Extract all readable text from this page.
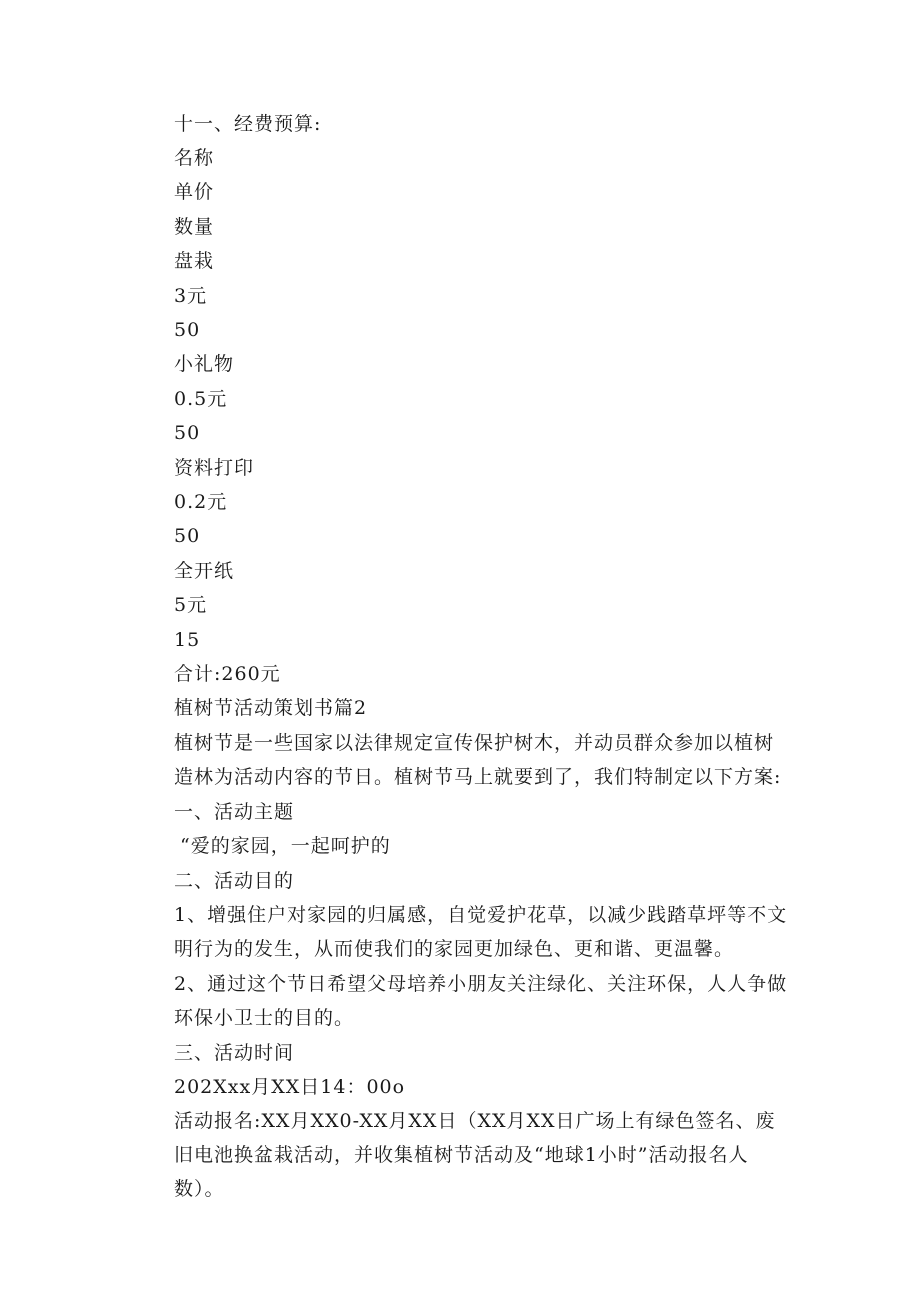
十一、经费预算:
名称
单价
数量
盘栽
3元
50
小礼物
0.5元
50
资料打印
0.2元
50
全开纸
5元
15
合计:260元
植树节活动策划书篇2
植树节是一些国家以法律规定宣传保护树木，并动员群众参加以植树造林为活动内容的节日。植树节马上就要到了，我们特制定以下方案:
一、活动主题
“爱的家园，一起呵护的
二、活动目的
1、增强住户对家园的归属感，自觉爱护花草，以减少践踏草坪等不文明行为的发生，从而使我们的家园更加绿色、更和谐、更温馨。
2、通过这个节日希望父母培养小朋友关注绿化、关注环保，人人争做环保小卫士的目的。
三、活动时间
202Xxx月XX日14：00o
活动报名:XX月XX0-XX月XX日（XX月XX日广场上有绿色签名、废旧电池换盆栽活动，并收集植树节活动及“地球1小时”活动报名人数）。
